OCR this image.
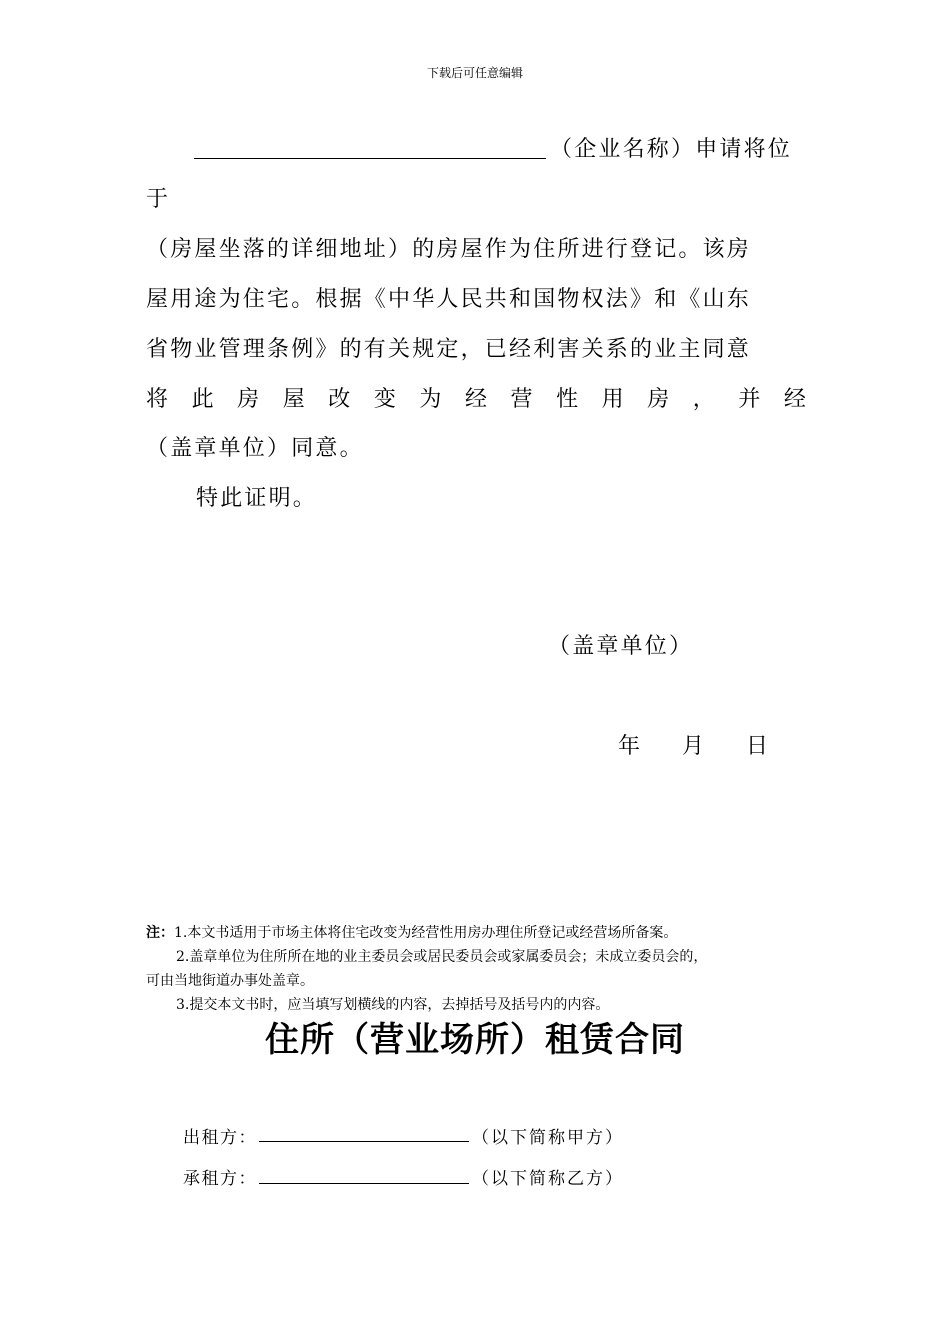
下载后可任意编辑
（企业名称）申请将位
于
（房屋坐落的详细地址）的房屋作为住所进行登记。该房
屋用途为住宅。根据《中华人民共和国物权法》和《山东
省物业管理条例》的有关规定，已经利害关系的业主同意
将 此 房 屋 改 变 为 经 营 性 用 房 ， 并 经
（盖章单位）同意。
特此证明。
（盖章单位）
年 月 日
注：1.本文书适用于市场主体将住宅改变为经营性用房办理住所登记或经营场所备案。
2.盖章单位为住所所在地的业主委员会或居民委员会或家属委员会；未成立委员会的，
可由当地街道办事处盖章。
3.提交本文书时，应当填写划横线的内容，去掉括号及括号内的内容。
住所（营业场所）租赁合同
出租方：	（以下简称甲方）
承租方：	（以下简称乙方）
